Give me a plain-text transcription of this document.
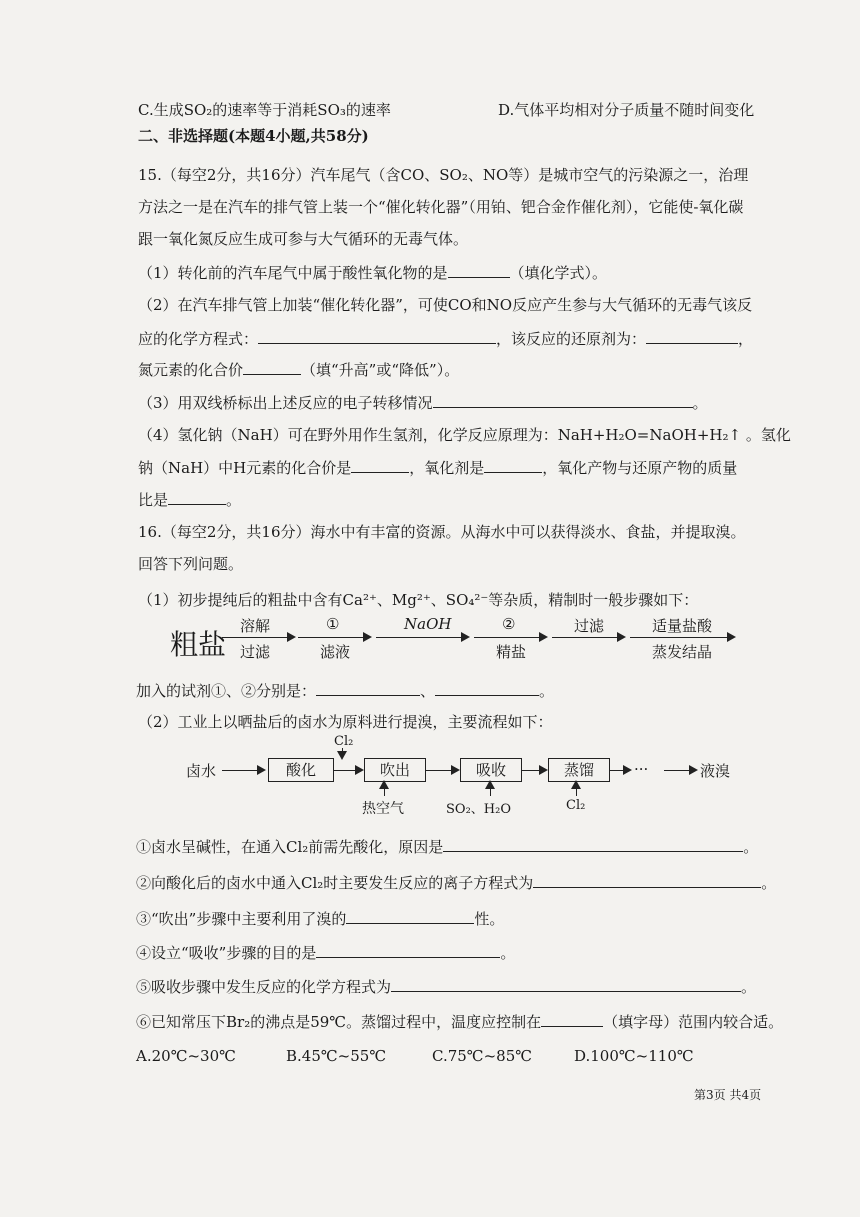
C.生成SO₂的速率等于消耗SO₃的速率	D.气体平均相对分子质量不随时间变化
二、非选择题(本题4小题,共58分)
15.（每空2分，共16分）汽车尾气（含CO、SO₂、NO等）是城市空气的污染源之一，治理
方法之一是在汽车的排气管上装一个“催化转化器”（用铂、钯合金作催化剂），它能使-氧化碳
跟一氧化氮反应生成可参与大气循环的无毒气体。
（1）转化前的汽车尾气中属于酸性氧化物的是	（填化学式）。
（2）在汽车排气管上加装“催化转化器”，可使CO和NO反应产生参与大气循环的无毒气该反
应的化学方程式：	，该反应的还原剂为：	，
氮元素的化合价	（填“升高”或“降低”）。
（3）用双线桥标出上述反应的电子转移情况	。
（4）氢化钠（NaH）可在野外用作生氢剂，化学反应原理为：NaH+H₂O=NaOH+H₂↑ 。氢化
钠（NaH）中H元素的化合价是	，氧化剂是	，氧化产物与还原产物的质量
比是	。
16.（每空2分，共16分）海水中有丰富的资源。从海水中可以获得淡水、食盐，并提取溴。
回答下列问题。
（1）初步提纯后的粗盐中含有Ca²⁺、Mg²⁺、SO₄²⁻等杂质，精制时一般步骤如下：
粗盐
溶解
过滤
①
滤液
NaOH	②
精盐
过滤	适量盐酸
蒸发结晶
加入的试剂①、②分别是：	、	。
（2）工业上以晒盐后的卤水为原料进行提溴，主要流程如下：
卤水	酸化	吹出	吸收	蒸馏	···	液溴
Cl₂
热空气	SO₂、H₂O	Cl₂
①卤水呈碱性，在通入Cl₂前需先酸化，原因是	。
②向酸化后的卤水中通入Cl₂时主要发生反应的离子方程式为	。
③“吹出”步骤中主要利用了溴的	性。
④设立“吸收”步骤的目的是	。
⑤吸收步骤中发生反应的化学方程式为	。
⑥已知常压下Br₂的沸点是59℃。蒸馏过程中，温度应控制在	（填字母）范围内较合适。
A.20℃~30℃	B.45℃~55℃	C.75℃~85℃	D.100℃~110℃
第3页 共4页
